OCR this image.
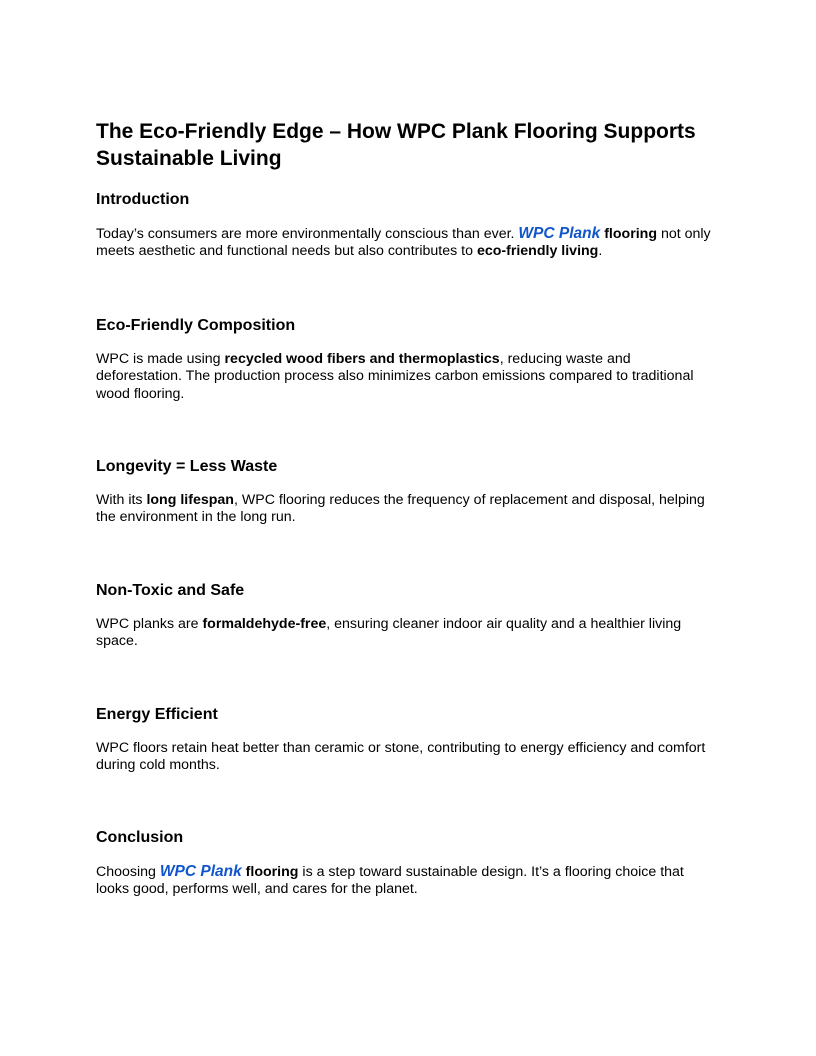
The Eco-Friendly Edge – How WPC Plank Flooring Supports Sustainable Living
Introduction

Today’s consumers are more environmentally conscious than ever. WPC Plank flooring not only meets aesthetic and functional needs but also contributes to eco-friendly living.

Eco-Friendly Composition

WPC is made using recycled wood fibers and thermoplastics, reducing waste and deforestation. The production process also minimizes carbon emissions compared to traditional wood flooring.

Longevity = Less Waste

With its long lifespan, WPC flooring reduces the frequency of replacement and disposal, helping the environment in the long run.

Non-Toxic and Safe

WPC planks are formaldehyde-free, ensuring cleaner indoor air quality and a healthier living space.

Energy Efficient

WPC floors retain heat better than ceramic or stone, contributing to energy efficiency and comfort during cold months.

Conclusion

Choosing WPC Plank flooring is a step toward sustainable design. It’s a flooring choice that looks good, performs well, and cares for the planet.
